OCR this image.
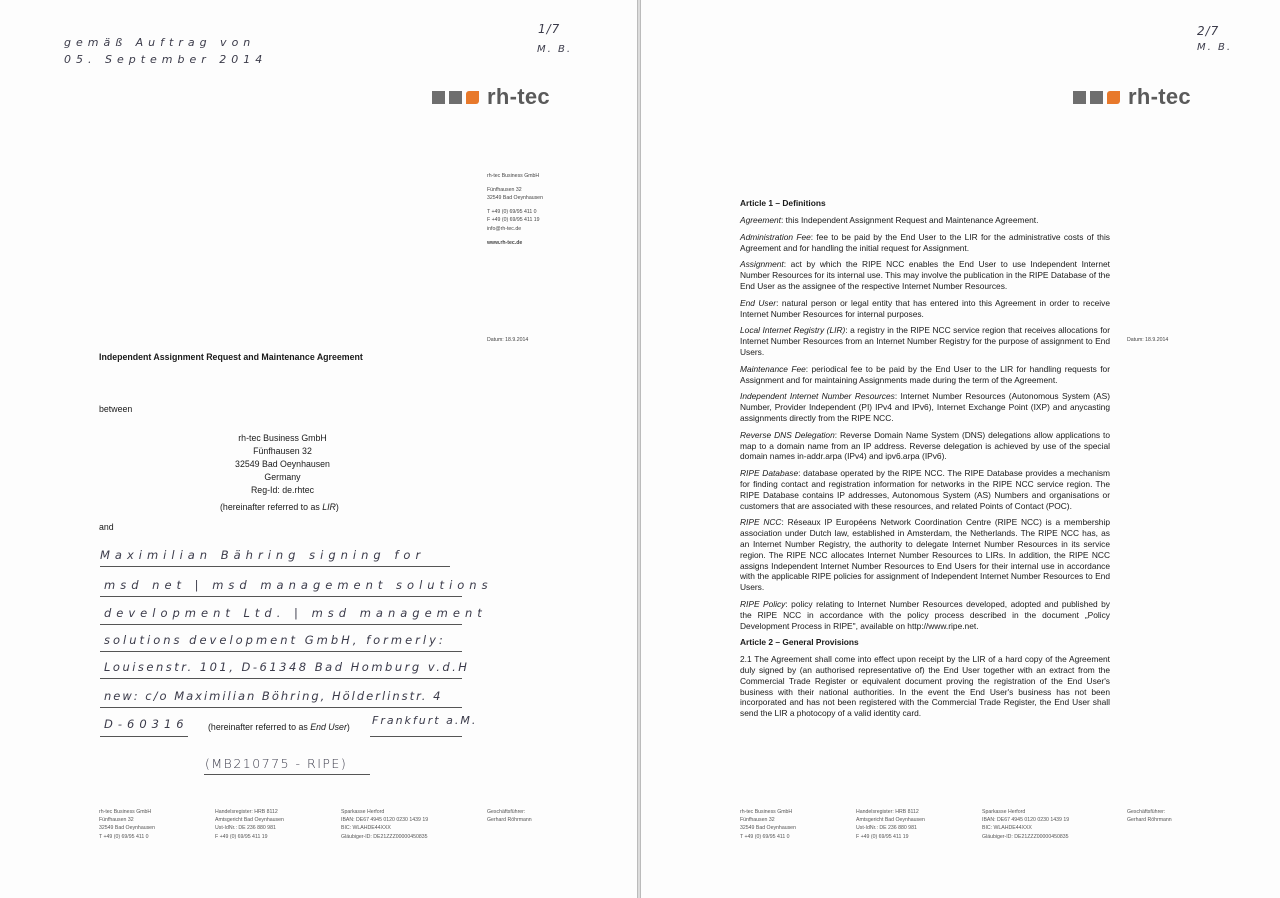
gemäß Auftrag von
05. September 2014
1/7
M. B.
rh-tec
rh-tec Business GmbH
Fünfhausen 32
32549 Bad Oeynhausen
T +49 (0) 69/95 411 0
F +49 (0) 69/95 411 19
info@rh-tec.de
www.rh-tec.de
Datum: 18.9.2014
Independent Assignment Request and Maintenance Agreement
between
rh-tec Business GmbH
Fünfhausen 32
32549 Bad Oeynhausen
Germany
Reg-Id: de.rhtec
(hereinafter referred to as LIR)
and
Maximilian Bähring signing for
msd net | msd management solutions
development Ltd. | msd management
solutions development GmbH, formerly:
Louisenstr. 101, D-61348 Bad Homburg v.d.H
new: c/o Maximilian Böhring, Hölderlinstr. 4
D-60316 (hereinafter referred to as End User) Frankfurt a.M.
(MB210775 - RIPE)
rh-tec Business GmbH
Fünfhausen 32
32549 Bad Oeynhausen
T +49 (0) 69/95 411 0
Handelsregister: HRB 8112
Amtsgericht Bad Oeynhausen
Ust-IdNr.: DE 236 880 981
F +49 (0) 69/95 411 19
Sparkasse Herford
IBAN: DE67 4945 0120 0230 1439 19
BIC: WLAHDE44XXX
Gläubiger-ID: DE21ZZZ00000450835
Geschäftsführer:
Gerhard Röhrmann
2/7
M. B.
rh-tec
Datum: 18.9.2014
Article 1 – Definitions
Agreement: this Independent Assignment Request and Maintenance Agreement.
Administration Fee: fee to be paid by the End User to the LIR for the administrative costs of this Agreement and for handling the initial request for Assignment.
Assignment: act by which the RIPE NCC enables the End User to use Independent Internet Number Resources for its internal use. This may involve the publication in the RIPE Database of the End User as the assignee of the respective Internet Number Resources.
End User: natural person or legal entity that has entered into this Agreement in order to receive Internet Number Resources for internal purposes.
Local Internet Registry (LIR): a registry in the RIPE NCC service region that receives allocations for Internet Number Resources from an Internet Number Registry for the purpose of assignment to End Users.
Maintenance Fee: periodical fee to be paid by the End User to the LIR for handling requests for Assignment and for maintaining Assignments made during the term of the Agreement.
Independent Internet Number Resources: Internet Number Resources (Autonomous System (AS) Number, Provider Independent (PI) IPv4 and IPv6), Internet Exchange Point (IXP) and anycasting assignments directly from the RIPE NCC.
Reverse DNS Delegation: Reverse Domain Name System (DNS) delegations allow applications to map to a domain name from an IP address. Reverse delegation is achieved by use of the special domain names in-addr.arpa (IPv4) and ipv6.arpa (IPv6).
RIPE Database: database operated by the RIPE NCC. The RIPE Database provides a mechanism for finding contact and registration information for networks in the RIPE NCC service region. The RIPE Database contains IP addresses, Autonomous System (AS) Numbers and organisations or customers that are associated with these resources, and related Points of Contact (POC).
RIPE NCC: Réseaux IP Européens Network Coordination Centre (RIPE NCC) is a membership association under Dutch law, established in Amsterdam, the Netherlands. The RIPE NCC has, as an Internet Number Registry, the authority to delegate Internet Number Resources in its service region. The RIPE NCC allocates Internet Number Resources to LIRs. In addition, the RIPE NCC assigns Independent Internet Number Resources to End Users for their internal use in accordance with the applicable RIPE policies for assignment of Independent Internet Number Resources to End Users.
RIPE Policy: policy relating to Internet Number Resources developed, adopted and published by the RIPE NCC in accordance with the policy process described in the document „Policy Development Process in RIPE", available on http://www.ripe.net.
Article 2 – General Provisions
2.1 The Agreement shall come into effect upon receipt by the LIR of a hard copy of the Agreement duly signed by (an authorised representative of) the End User together with an extract from the Commercial Trade Register or equivalent document proving the registration of the End User's business with their national authorities. In the event the End User's business has not been incorporated and has not been registered with the Commercial Trade Register, the End User shall send the LIR a photocopy of a valid identity card.
rh-tec Business GmbH
Fünfhausen 32
32549 Bad Oeynhausen
T +49 (0) 69/95 411 0
Handelsregister: HRB 8112
Amtsgericht Bad Oeynhausen
Ust-IdNr.: DE 236 880 981
F +49 (0) 69/95 411 19
Sparkasse Herford
IBAN: DE67 4945 0120 0230 1439 19
BIC: WLAHDE44XXX
Gläubiger-ID: DE21ZZZ00000450835
Geschäftsführer:
Gerhard Röhrmann
